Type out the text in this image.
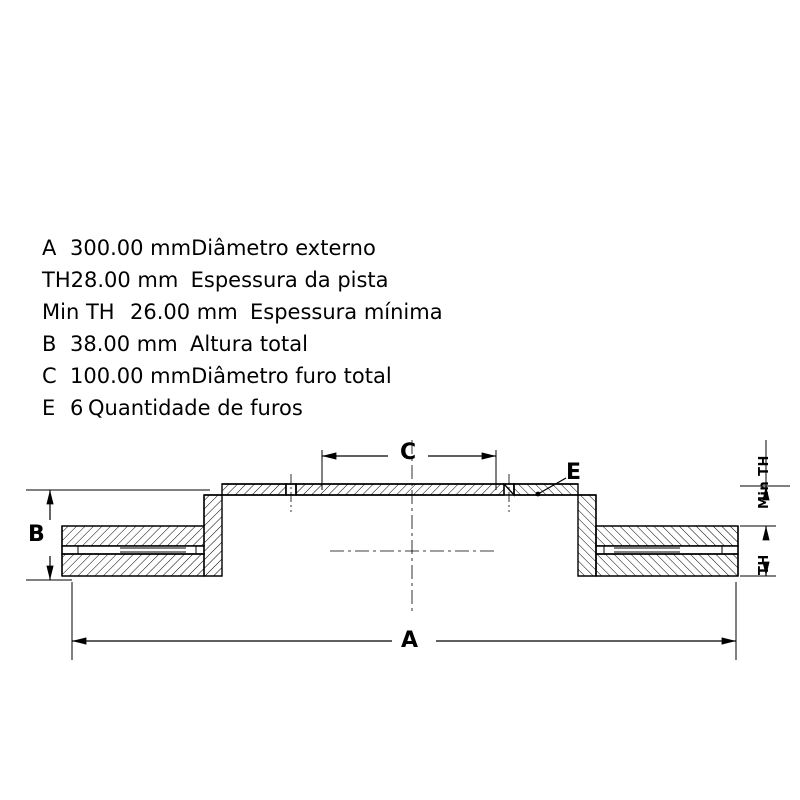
A 300.00 mm Diâmetro externo
TH 28.00 mm Espessura da pista
Min TH 26.00 mm Espessura mínima
B 38.00 mm Altura total
C 100.00 mm Diâmetro furo total
E 6 Quantidade de furos
C
E
B
A
Min TH
TH
